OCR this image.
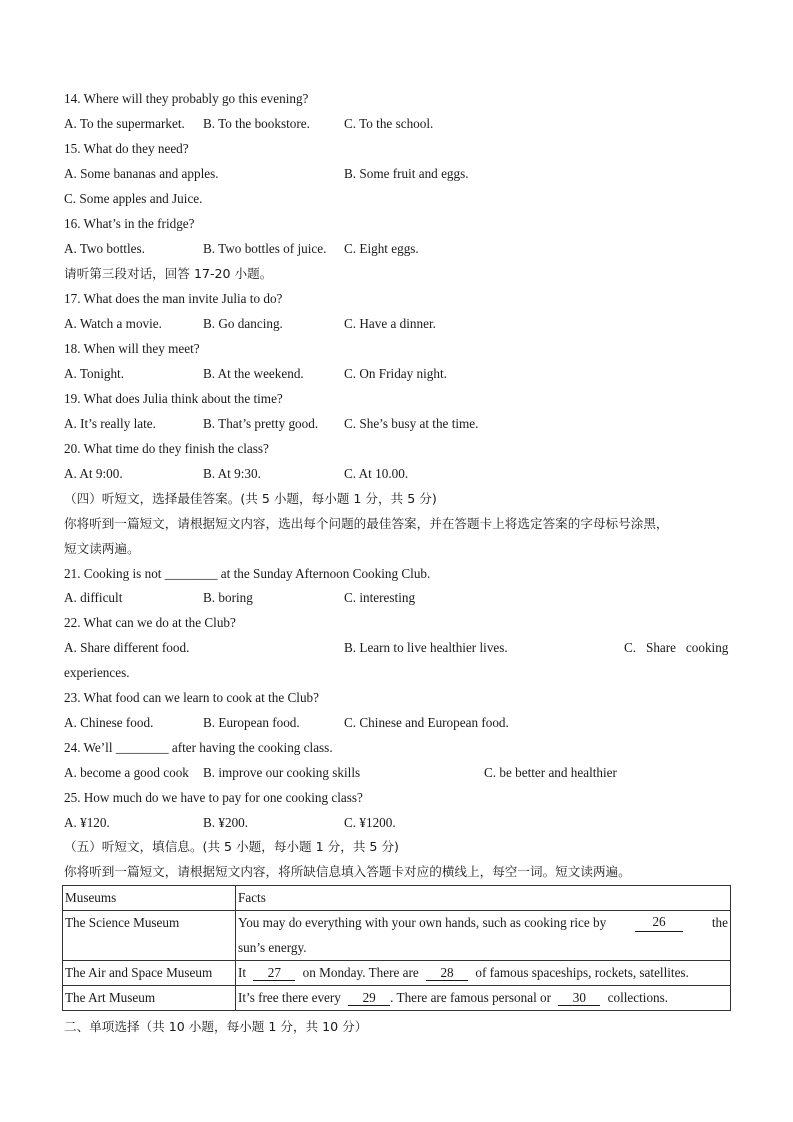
14. Where will they probably go this evening?
A. To the supermarket. B. To the bookstore.	C. To the school.
15. What do they need?
A. Some bananas and apples.	B. Some fruit and eggs.
C. Some apples and Juice.
16. What’s in the fridge?
A. Two bottles.	B. Two bottles of juice. C. Eight eggs.
请听第三段对话，回答 17-20 小题。
17. What does the man invite Julia to do?
A. Watch a movie.	B. Go dancing.	C. Have a dinner.
18. When will they meet?
A. Tonight.	B. At the weekend.	C. On Friday night.
19. What does Julia think about the time?
A. It’s really late.	B. That’s pretty good. C. She’s busy at the time.
20. What time do they finish the class?
A. At 9:00.	B. At 9:30.	C. At 10.00.
（四）听短文，选择最佳答案。(共 5 小题，每小题 1 分，共 5 分)
你将听到一篇短文，请根据短文内容，选出每个问题的最佳答案，并在答题卡上将选定答案的字母标号涂黑，
短文读两遍。
21. Cooking is not ________ at the Sunday Afternoon Cooking Club.
A. difficult	B. boring	C. interesting
22. What can we do at the Club?
A. Share different food.	B. Learn to live healthier lives.	C.   Share   cooking
experiences.
23. What food can we learn to cook at the Club?
A. Chinese food.	B. European food.	C. Chinese and European food.
24. We’ll ________ after having the cooking class.
A. become a good cook B. improve our cooking skills	C. be better and healthier
25. How much do we have to pay for one cooking class?
A. ¥120.	B. ¥200.	C. ¥1200.
（五）听短文，填信息。(共 5 小题，每小题 1 分，共 5 分)
你将听到一篇短文，请根据短文内容，将所缺信息填入答题卡对应的横线上，每空一词。短文读两遍。
Museums	Facts
The Science Museum	You may do everything with your own hands, such as cooking rice by 26 the
sun’s energy.

The Air and Space Museum	It 27 on Monday. There are 28 of famous spaceships, rockets, satellites.
The Art Museum	It’s free there every 29 . There are famous personal or 30 collections.
二、单项选择（共 10 小题，每小题 1 分，共 10 分）
